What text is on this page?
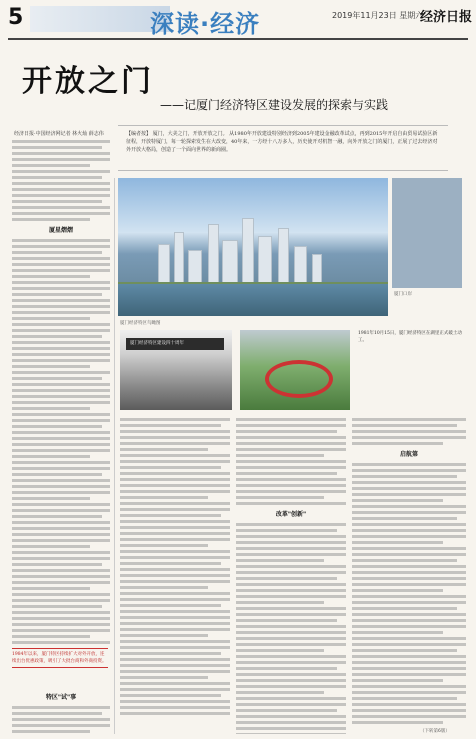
5	深读·经济	2019年11月23日 星期六
经济日报
开放之门
——记厦门经济特区建设发展的探索与实践
经济日报·中国经济网记者 林火灿 薛志伟	【编者按】 厦门，大美之门，开放开放之门。 从1980年开放建设特别经济到2005年建设金融改革试点，再到2015年开启自由贸易试验区新征程，开放特厦门，每一轮探索发生在大改变，40年来，一方经十八万多人，历史使开对机智一融，向外开放之门的厦门，正展了过去经济对外开放大格局，创造了一个面向世界的新商圈。

厦星熠熠

1984年以来，厦门特区持续扩大对外开放，连续出台优惠政策，吸引了大批台商和外商投资。

特区"试"事
厦门经济特区鸟瞰图
厦门口岸
厦门经济特区建设四十周年

1981年10月15日，厦门经济特区在湖里正式破土动工。

改革"创新"
启航第
（下转第6版）
